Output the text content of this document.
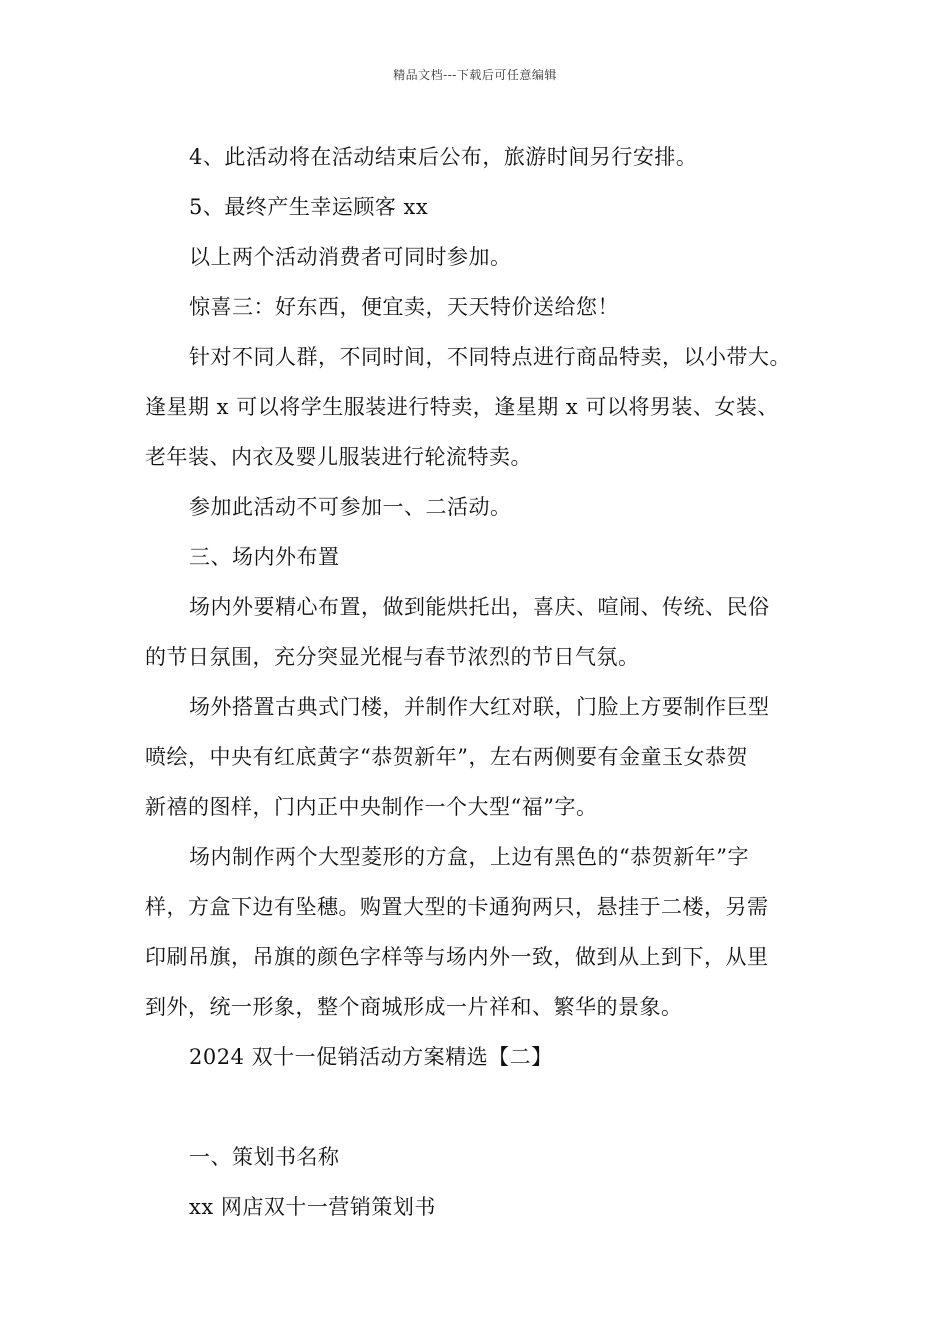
精品文档---下载后可任意编辑

4、此活动将在活动结束后公布，旅游时间另行安排。

5、最终产生幸运顾客 xx

以上两个活动消费者可同时参加。

惊喜三：好东西，便宜卖，天天特价送给您！

针对不同人群，不同时间，不同特点进行商品特卖，以小带大。

逢星期 x 可以将学生服装进行特卖，逢星期 x 可以将男装、女装、

老年装、内衣及婴儿服装进行轮流特卖。

参加此活动不可参加一、二活动。

三、场内外布置

场内外要精心布置，做到能烘托出，喜庆、喧闹、传统、民俗

的节日氛围，充分突显光棍与春节浓烈的节日气氛。

场外搭置古典式门楼，并制作大红对联，门脸上方要制作巨型

喷绘，中央有红底黄字“恭贺新年”，左右两侧要有金童玉女恭贺

新禧的图样，门内正中央制作一个大型“福”字。

场内制作两个大型菱形的方盒，上边有黑色的“恭贺新年”字

样，方盒下边有坠穗。购置大型的卡通狗两只，悬挂于二楼，另需

印刷吊旗，吊旗的颜色字样等与场内外一致，做到从上到下，从里

到外，统一形象，整个商城形成一片祥和、繁华的景象。

2024 双十一促销活动方案精选【二】

一、策划书名称

xx 网店双十一营销策划书
